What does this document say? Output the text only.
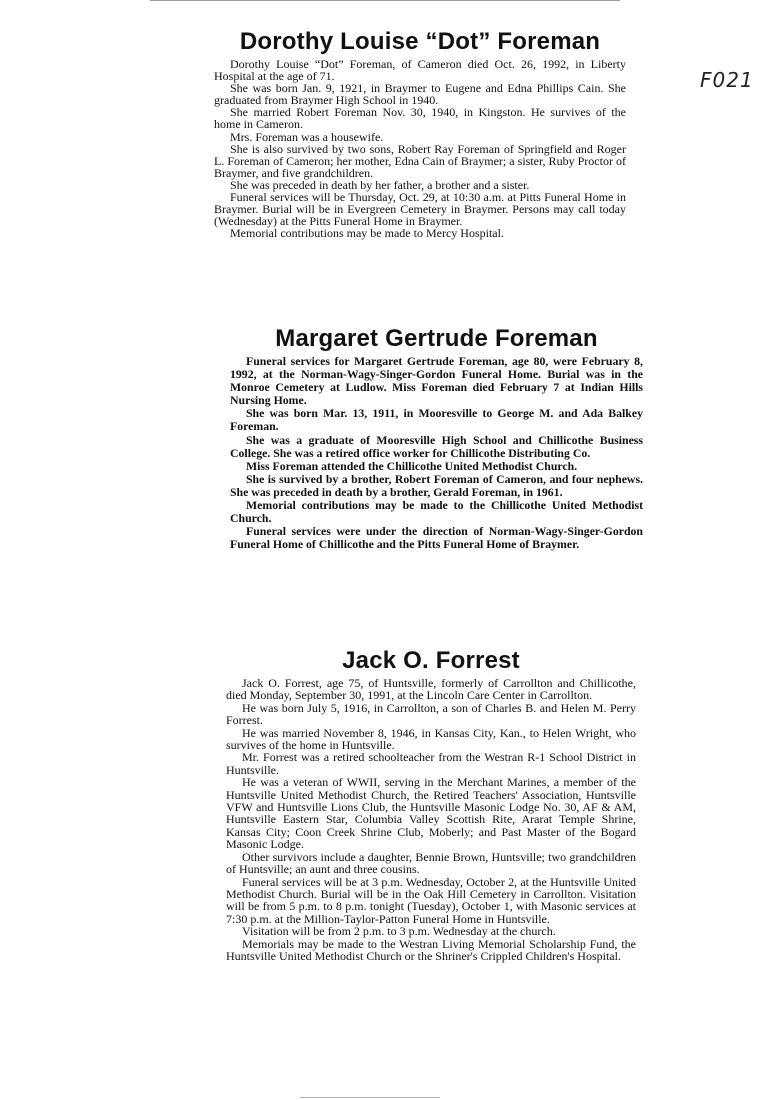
F021
Dorothy Louise “Dot” Foreman

Dorothy Louise “Dot” Foreman, of Cameron died Oct. 26, 1992, in Liberty Hospital at the age of 71.

She was born Jan. 9, 1921, in Braymer to Eugene and Edna Phillips Cain. She graduated from Braymer High School in 1940.

She married Robert Foreman Nov. 30, 1940, in Kingston. He survives of the home in Cameron.

Mrs. Foreman was a housewife.

She is also survived by two sons, Robert Ray Foreman of Springfield and Roger L. Foreman of Cameron; her mother, Edna Cain of Braymer; a sister, Ruby Proctor of Braymer, and five grandchildren.

She was preceded in death by her father, a brother and a sister.

Funeral services will be Thursday, Oct. 29, at 10:30 a.m. at Pitts Funeral Home in Braymer. Burial will be in Evergreen Cemetery in Braymer. Persons may call today (Wednesday) at the Pitts Funeral Home in Braymer.

Memorial contributions may be made to Mercy Hospital.

Margaret Gertrude Foreman

Funeral services for Margaret Gertrude Foreman, age 80, were February 8, 1992, at the Norman-Wagy-Singer-Gordon Funeral Home. Burial was in the Monroe Cemetery at Ludlow. Miss Foreman died February 7 at Indian Hills Nursing Home.

She was born Mar. 13, 1911, in Mooresville to George M. and Ada Balkey Foreman.

She was a graduate of Mooresville High School and Chillicothe Business College. She was a retired office worker for Chillicothe Distributing Co.

Miss Foreman attended the Chillicothe United Methodist Church.

She is survived by a brother, Robert Foreman of Cameron, and four nephews. She was preceded in death by a brother, Gerald Foreman, in 1961.

Memorial contributions may be made to the Chillicothe United Methodist Church.

Funeral services were under the direction of Norman-Wagy-Singer-Gordon Funeral Home of Chillicothe and the Pitts Funeral Home of Braymer.

Jack O. Forrest

Jack O. Forrest, age 75, of Huntsville, formerly of Carrollton and Chillicothe, died Monday, September 30, 1991, at the Lincoln Care Center in Carrollton.

He was born July 5, 1916, in Carrollton, a son of Charles B. and Helen M. Perry Forrest.

He was married November 8, 1946, in Kansas City, Kan., to Helen Wright, who survives of the home in Huntsville.

Mr. Forrest was a retired schoolteacher from the Westran R-1 School District in Huntsville.

He was a veteran of WWII, serving in the Merchant Marines, a member of the Huntsville United Methodist Church, the Retired Teachers' Association, Huntsville VFW and Huntsville Lions Club, the Huntsville Masonic Lodge No. 30, AF & AM, Huntsville Eastern Star, Columbia Valley Scottish Rite, Ararat Temple Shrine, Kansas City; Coon Creek Shrine Club, Moberly; and Past Master of the Bogard Masonic Lodge.

Other survivors include a daughter, Bennie Brown, Huntsville; two grandchildren of Huntsville; an aunt and three cousins.

Funeral services will be at 3 p.m. Wednesday, October 2, at the Huntsville United Methodist Church. Burial will be in the Oak Hill Cemetery in Carrollton. Visitation will be from 5 p.m. to 8 p.m. tonight (Tuesday), October 1, with Masonic services at 7:30 p.m. at the Million-Taylor-Patton Funeral Home in Huntsville.

Visitation will be from 2 p.m. to 3 p.m. Wednesday at the church.

Memorials may be made to the Westran Living Memorial Scholarship Fund, the Huntsville United Methodist Church or the Shriner's Crippled Children's Hospital.
